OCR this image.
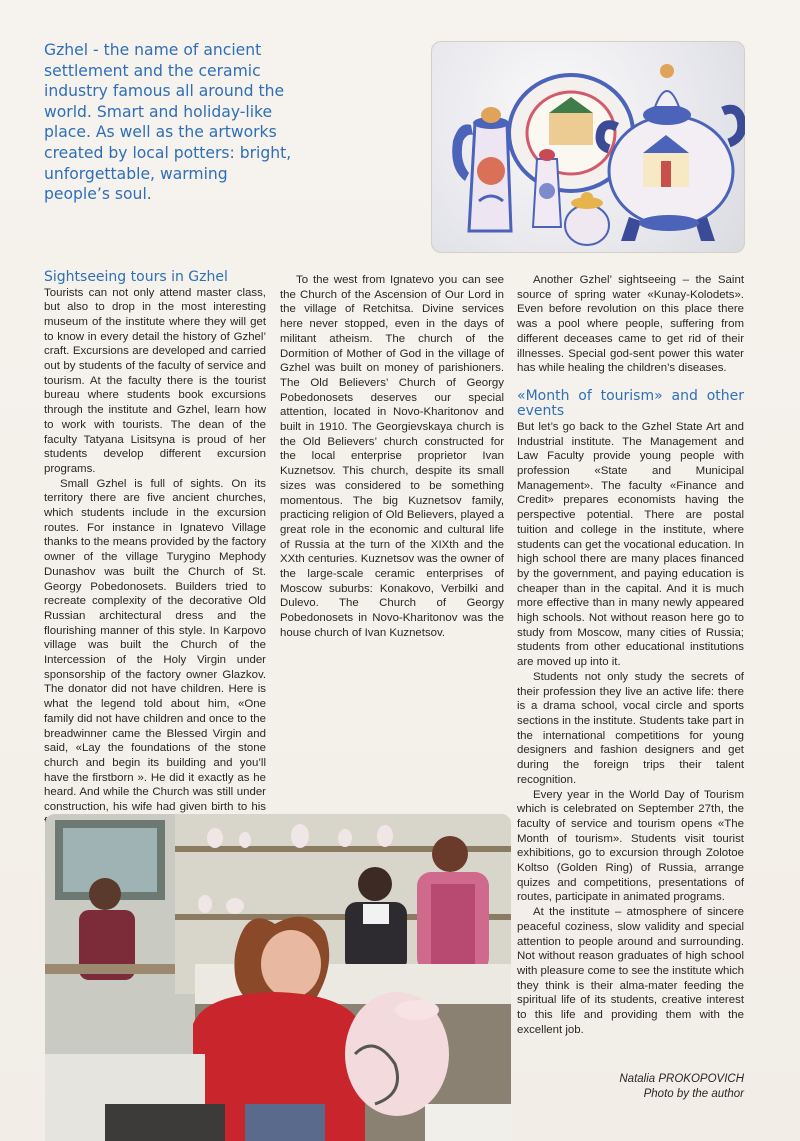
Gzhel - the name of ancient settlement and the ceramic industry famous all around the world. Smart and holiday-like place. As well as the artworks created by local potters: bright, unforgettable, warming people’s soul.
Sightseeing tours in Gzhel

Tourists can not only attend master class, but also to drop in the most interesting museum of the institute where they will get to know in every detail the history of Gzhel’ craft. Excursions are developed and carried out by students of the faculty of service and tourism. At the faculty there is the tourist bureau where students book excursions through the institute and Gzhel, learn how to work with tourists. The dean of the faculty Tatyana Lisitsyna is proud of her students develop different excursion programs.

Small Gzhel is full of sights. On its territory there are five ancient churches, which students include in the excursion routes. For instance in Ignatevo Village thanks to the means provided by the factory owner of the village Turygino Mephody Dunashov was built the Church of St. Georgy Pobedonosets. Builders tried to recreate complexity of the decorative Old Russian architectural dress and the flourishing manner of this style. In Karpovo village was built the Church of the Intercession of the Holy Virgin under sponsorship of the factory owner Glazkov. The donator did not have children. Here is what the legend told about him, «One family did not have children and once to the breadwinner came the Blessed Virgin and said, «Lay the foundations of the stone church and begin its building and you’ll have the firstborn ». He did it exactly as he heard. And while the Church was still under construction, his wife had given birth to his

To the west from Ignatevo you can see the Church of the Ascension of Our Lord in the village of Retchitsa. Divine services here never stopped, even in the days of militant atheism. The church of the Dormition of Mother of God in the village of Gzhel was built on money of parishioners. The Old Believers’ Church of Georgy Pobedonosets deserves our special attention, located in Novo-Kharitonov and built in 1910. The Georgievskaya church is the Old Believers’ church constructed for the local enterprise proprietor Ivan Kuznetsov. This church, despite its small sizes was considered to be something momentous. The big Kuznetsov family, practicing religion of Old Believers, played a great role in the economic and cultural life of Russia at the turn of the XIXth and the XXth centuries. Kuznetsov was the owner of the large-scale ceramic enterprises of Moscow suburbs: Konakovo, Verbilki and Dulevo. The Church of Georgy Pobedonosets in Novo-Kharitonov was the house church of Ivan Kuznetsov.

Another Gzhel’ sightseeing – the Saint source of spring water «Kunay-Kolodets». Even before revolution on this place there was a pool where people, suffering from different deceases came to get rid of their illnesses. Special god-sent power this water has while healing the children’s diseases.

«Month of tourism» and other events

But let’s go back to the Gzhel State Art and Industrial institute. The Management and Law Faculty provide young people with profession «State and Municipal Management». The faculty «Finance and Credit» prepares economists having the perspective potential. There are postal tuition and college in the institute, where students can get the vocational education. In high school there are many places financed by the government, and paying education is cheaper than in the capital. And it is much more effective than in many newly appeared high schools. Not without reason here go to study from Moscow, many cities of Russia; students from other educational institutions are moved up into it.

Students not only study the secrets of their profession they live an active life: there is a drama school, vocal circle and sports sections in the institute. Students take part in the international competitions for young designers and fashion designers and get during the foreign trips their talent recognition.

Every year in the World Day of Tourism which is celebrated on September 27th, the faculty of service and tourism opens «The Month of tourism». Students visit tourist exhibitions, go to excursion through Zolotoe Koltso (Golden Ring) of Russia, arrange quizes and competitions, presentations of routes, participate in animated programs.

At the institute – atmosphere of sincere peaceful coziness, slow validity and special attention to people around and surrounding. Not without reason graduates of high school with pleasure come to see the institute which they think is their alma-mater feeding the spiritual life of its students, creative interest to this life and providing them with the excellent job.

Natalia PROKOPOVICH
Photo by the author
